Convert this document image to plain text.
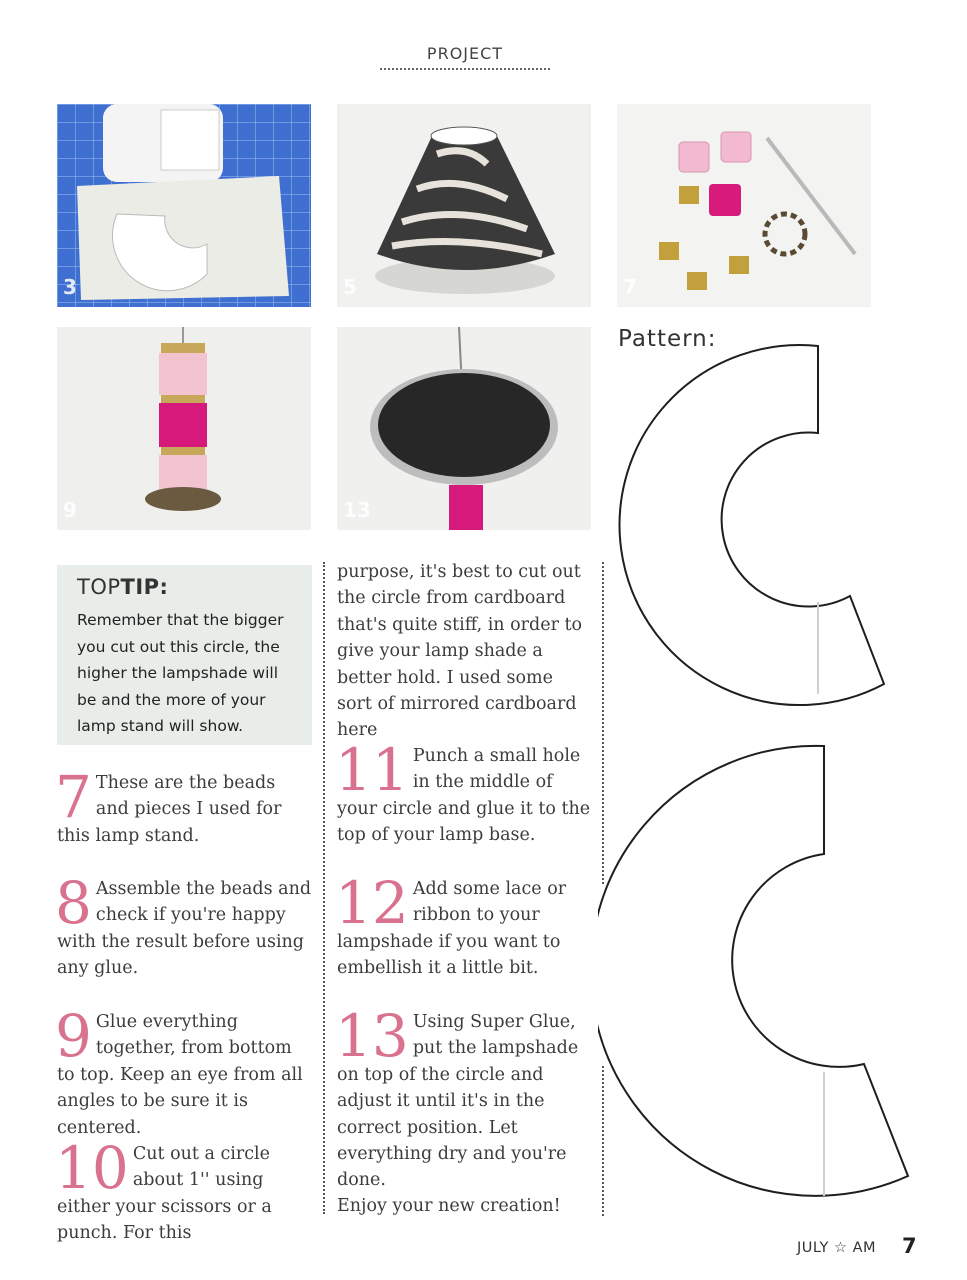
PROJECT
3	5	7
9	13
Pattern:
TOPTIP:
Remember that the bigger you cut out this circle, the higher the lampshade will be and the more of your lamp stand will show.

7 These are the beads and pieces I used for this lamp stand.

8 Assemble the beads and check if you're happy with the result before using any glue.

9 Glue everything together, from bottom to top. Keep an eye from all angles to be sure it is centered.

10 Cut out a circle about 1'' using either your scissors or a punch. For this

purpose, it's best to cut out the circle from cardboard that's quite stiff, in order to give your lamp shade a better hold. I used some sort of mirrored cardboard here

11 Punch a small hole in the middle of your circle and glue it to the top of your lamp base.

12 Add some lace or ribbon to your lampshade if you want to embellish it a little bit.

13 Using Super Glue, put the lampshade on top of the circle and adjust it until it's in the correct position. Let everything dry and you're done.

Enjoy your new creation!
JULY ☆ AM 7
